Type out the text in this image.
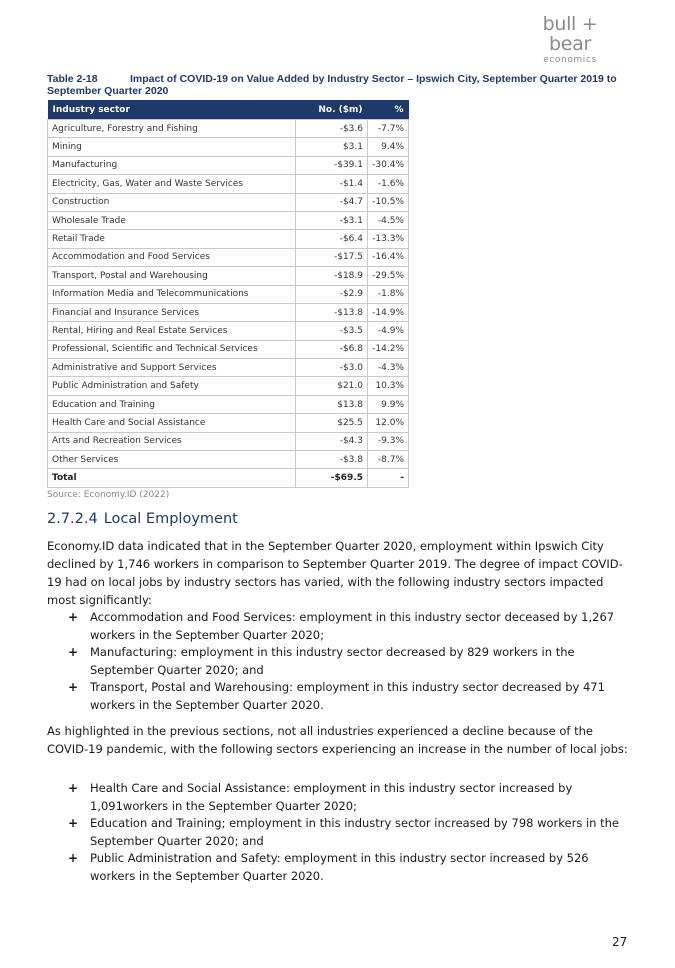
bull + bear
economics
Table 2-18	Impact of COVID-19 on Value Added by Industry Sector – Ipswich City, September Quarter 2019 to September Quarter 2020
Industry sector	No. ($m)	%
Agriculture, Forestry and Fishing	-$3.6	-7.7%
Mining	$3.1	9.4%
Manufacturing	-$39.1	-30.4%
Electricity, Gas, Water and Waste Services	-$1.4	-1.6%
Construction	-$4.7	-10.5%
Wholesale Trade	-$3.1	-4.5%
Retail Trade	-$6.4	-13.3%
Accommodation and Food Services	-$17.5	-16.4%
Transport, Postal and Warehousing	-$18.9	-29.5%
Information Media and Telecommunications	-$2.9	-1.8%
Financial and Insurance Services	-$13.8	-14.9%
Rental, Hiring and Real Estate Services	-$3.5	-4.9%
Professional, Scientific and Technical Services	-$6.8	-14.2%
Administrative and Support Services	-$3.0	-4.3%
Public Administration and Safety	$21.0	10.3%
Education and Training	$13.8	9.9%
Health Care and Social Assistance	$25.5	12.0%
Arts and Recreation Services	-$4.3	-9.3%
Other Services	-$3.8	-8.7%
Total	-$69.5	-
Source: Economy.ID (2022)
2.7.2.4 Local Employment
Economy.ID data indicated that in the September Quarter 2020, employment within Ipswich City declined by 1,746 workers in comparison to September Quarter 2019. The degree of impact COVID-19 had on local jobs by industry sectors has varied, with the following industry sectors impacted most significantly:
+ Accommodation and Food Services: employment in this industry sector deceased by 1,267 workers in the September Quarter 2020;
+ Manufacturing: employment in this industry sector decreased by 829 workers in the September Quarter 2020; and
+ Transport, Postal and Warehousing: employment in this industry sector decreased by 471 workers in the September Quarter 2020.
As highlighted in the previous sections, not all industries experienced a decline because of the COVID-19 pandemic, with the following sectors experiencing an increase in the number of local jobs:
+ Health Care and Social Assistance: employment in this industry sector increased by 1,091workers in the September Quarter 2020;
+ Education and Training; employment in this industry sector increased by 798 workers in the September Quarter 2020; and
+ Public Administration and Safety: employment in this industry sector increased by 526 workers in the September Quarter 2020.
27
